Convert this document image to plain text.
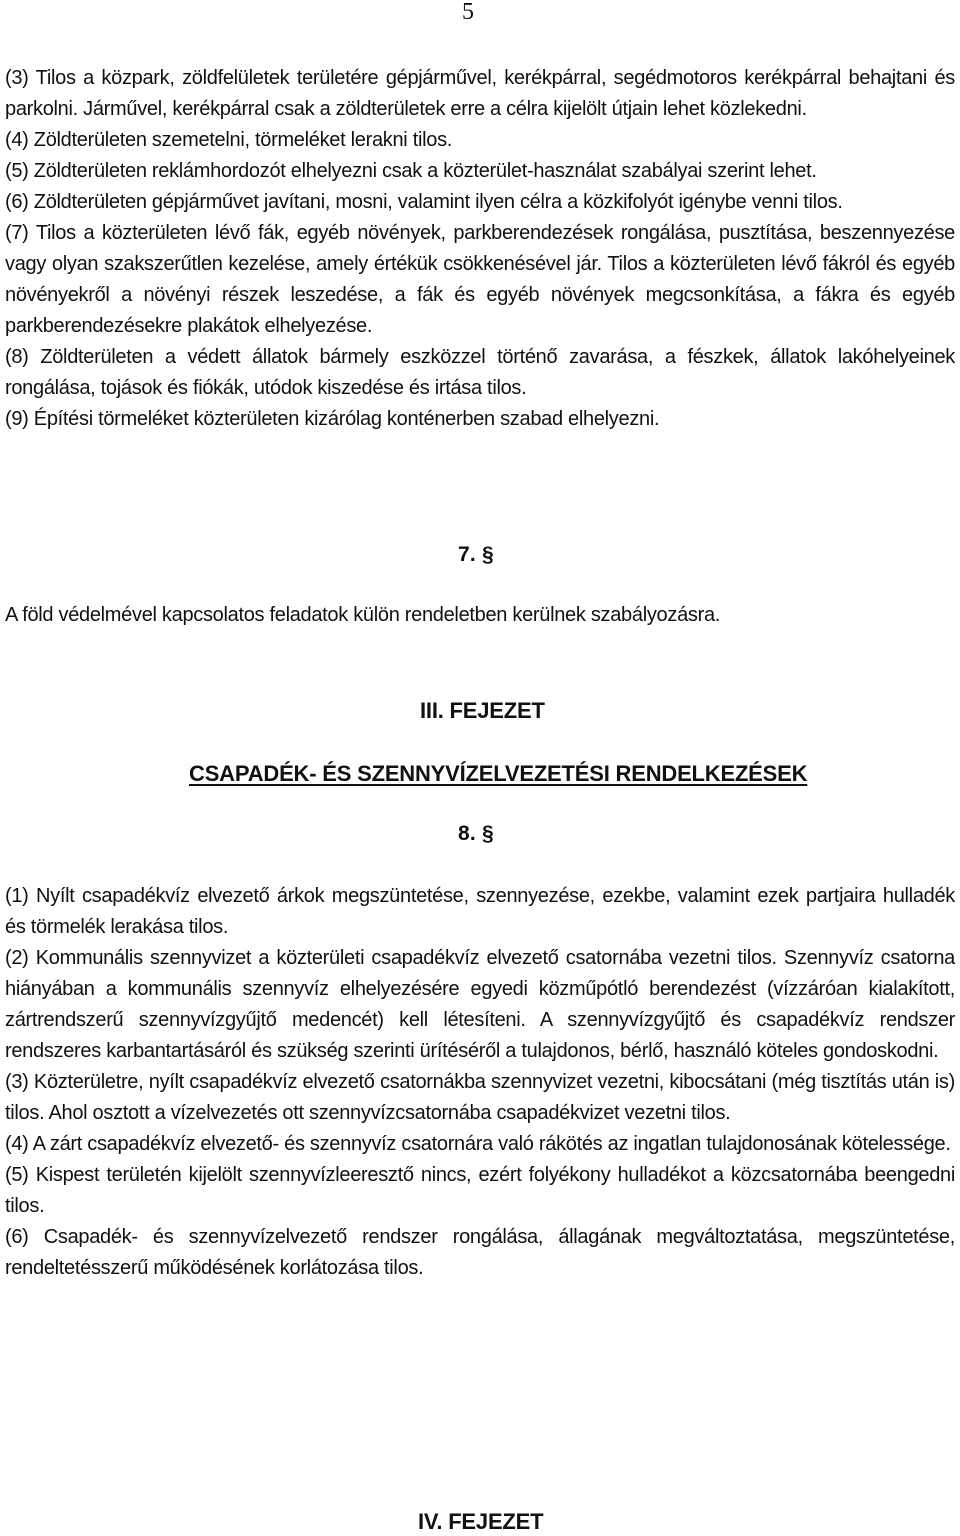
5

(3) Tilos a közpark, zöldfelületek területére gépjárművel, kerékpárral, segédmotoros kerékpárral behajtani és parkolni. Járművel, kerékpárral csak a zöldterületek erre a célra kijelölt útjain lehet közlekedni.

(4) Zöldterületen szemetelni, törmeléket lerakni tilos.

(5) Zöldterületen reklámhordozót elhelyezni csak a közterület-használat szabályai szerint lehet.

(6) Zöldterületen gépjárművet javítani, mosni, valamint ilyen célra a közkifolyót igénybe venni tilos.

(7) Tilos a közterületen lévő fák, egyéb növények, parkberendezések rongálása, pusztítása, beszennyezése vagy olyan szakszerűtlen kezelése, amely értékük csökkenésével jár. Tilos a közterületen lévő fákról és egyéb növényekről a növényi részek leszedése, a fák és egyéb növények megcsonkítása, a fákra és egyéb parkberendezésekre plakátok elhelyezése.

(8) Zöldterületen a védett állatok bármely eszközzel történő zavarása, a fészkek, állatok lakóhelyeinek rongálása, tojások és fiókák, utódok kiszedése és irtása tilos.

(9) Építési törmeléket közterületen kizárólag konténerben szabad elhelyezni.

7. §

A föld védelmével kapcsolatos feladatok külön rendeletben kerülnek szabályozásra.

III. FEJEZET
CSAPADÉK- ÉS SZENNYVÍZELVEZETÉSI RENDELKEZÉSEK
8. §

(1) Nyílt csapadékvíz elvezető árkok megszüntetése, szennyezése, ezekbe, valamint ezek partjaira hulladék és törmelék lerakása tilos.

(2) Kommunális szennyvizet a közterületi csapadékvíz elvezető csatornába vezetni tilos. Szennyvíz csatorna hiányában a kommunális szennyvíz elhelyezésére egyedi közműpótló berendezést (vízzáróan kialakított, zártrendszerű szennyvízgyűjtő medencét) kell létesíteni. A szennyvízgyűjtő és csapadékvíz rendszer rendszeres karbantartásáról és szükség szerinti ürítéséről a tulajdonos, bérlő, használó köteles gondoskodni.

(3) Közterületre, nyílt csapadékvíz elvezető csatornákba szennyvizet vezetni, kibocsátani (még tisztítás után is) tilos. Ahol osztott a vízelvezetés ott szennyvízcsatornába csapadékvizet vezetni tilos.

(4) A zárt csapadékvíz elvezető- és szennyvíz csatornára való rákötés az ingatlan tulajdonosának kötelessége.

(5) Kispest területén kijelölt szennyvízleeresztő nincs, ezért folyékony hulladékot a közcsatornába beengedni tilos.

(6) Csapadék- és szennyvízelvezető rendszer rongálása, állagának megváltoztatása, megszüntetése, rendeltetésszerű működésének korlátozása tilos.

IV. FEJEZET
